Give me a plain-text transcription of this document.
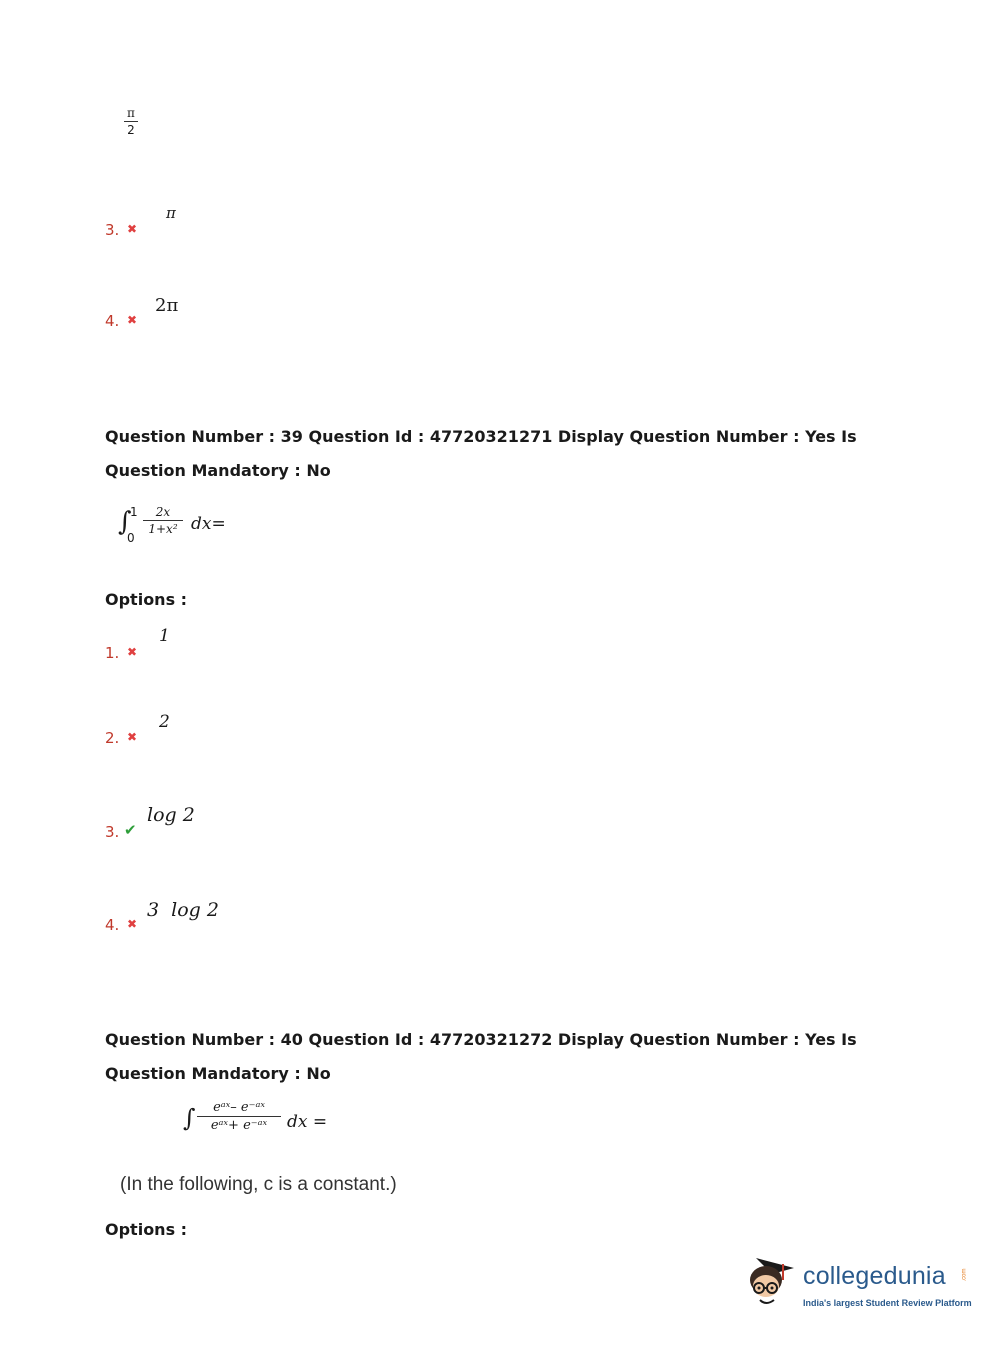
π
2
3. ✖
π
4. ✖
2π
Question Number : 39 Question Id : 47720321271 Display Question Number : Yes Is Question Mandatory : No
∫
1
0
2x
1+x² dx=
Options :
1. ✖
1
2. ✖
2
3. ✔
log 2
4. ✖
3  log 2
Question Number : 40 Question Id : 47720321272 Display Question Number : Yes Is Question Mandatory : No
∫	eᵃˣ– e⁻ᵃˣ
eᵃˣ+ e⁻ᵃˣ	dx =
(In the following, c is a constant.)
Options :
collegedunia	.com
India's largest Student Review Platform
